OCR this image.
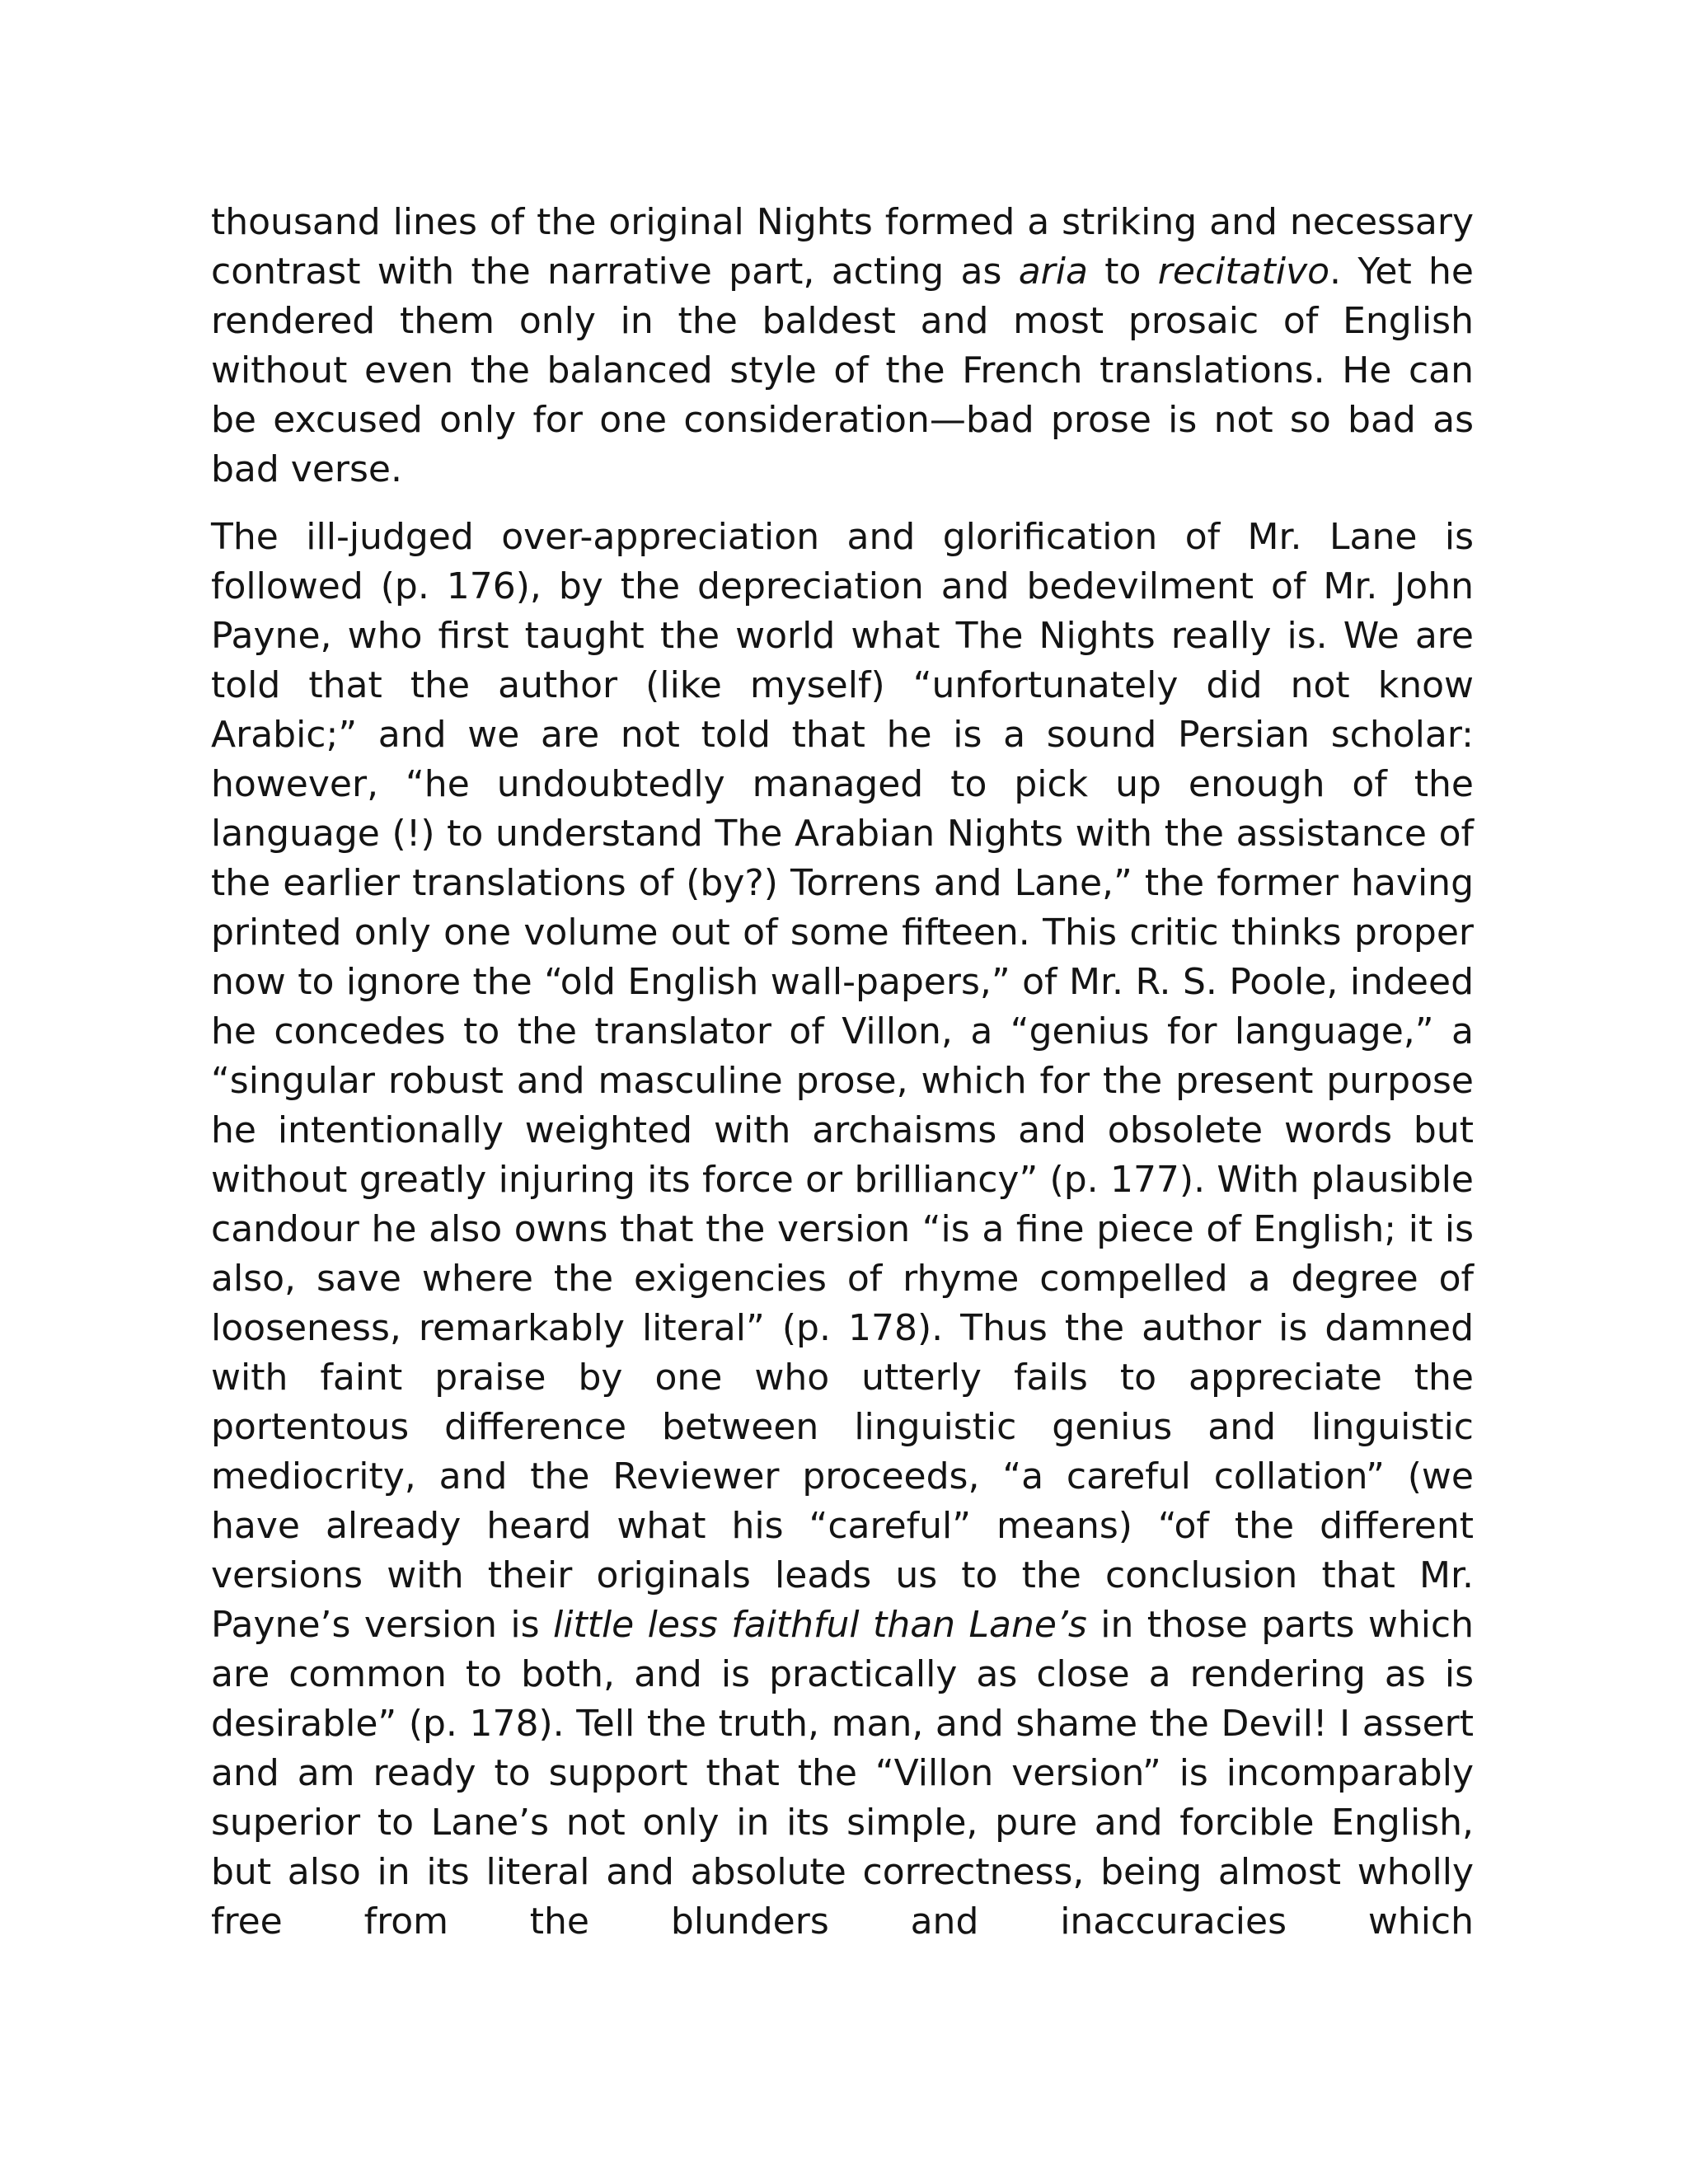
thousand lines of the original Nights formed a striking and necessary contrast with the narrative part, acting as aria to recitativo. Yet he rendered them only in the baldest and most prosaic of English without even the balanced style of the French translations. He can be excused only for one consideration—bad prose is not so bad as bad verse.

The ill-judged over-appreciation and glorification of Mr. Lane is followed (p. 176), by the depreciation and bedevilment of Mr. John Payne, who first taught the world what The Nights really is. We are told that the author (like myself) “unfortunately did not know Arabic;” and we are not told that he is a sound Persian scholar: however, “he undoubtedly managed to pick up enough of the language (!) to understand The Arabian Nights with the assistance of the earlier translations of (by?) Torrens and Lane,” the former having printed only one volume out of some fifteen. This critic thinks proper now to ignore the “old English wall-papers,” of Mr. R. S. Poole, indeed he concedes to the translator of Villon, a “genius for language,” a “singular robust and masculine prose, which for the present purpose he intentionally weighted with archaisms and obsolete words but without greatly injuring its force or brilliancy” (p. 177). With plausible candour he also owns that the version “is a fine piece of English; it is also, save where the exigencies of rhyme compelled a degree of looseness, remarkably literal” (p. 178). Thus the author is damned with faint praise by one who utterly fails to appreciate the portentous difference between linguistic genius and linguistic mediocrity, and the Reviewer proceeds, “a careful collation” (we have already heard what his “careful” means) “of the different versions with their originals leads us to the conclusion that Mr. Payne’s version is little less faithful than Lane’s in those parts which are common to both, and is practically as close a rendering as is desirable” (p. 178). Tell the truth, man, and shame the Devil! I assert and am ready to support that the “Villon version” is incomparably superior to Lane’s not only in its simple, pure and forcible English, but also in its literal and absolute correctness, being almost wholly free from the blunders and inaccuracies which
